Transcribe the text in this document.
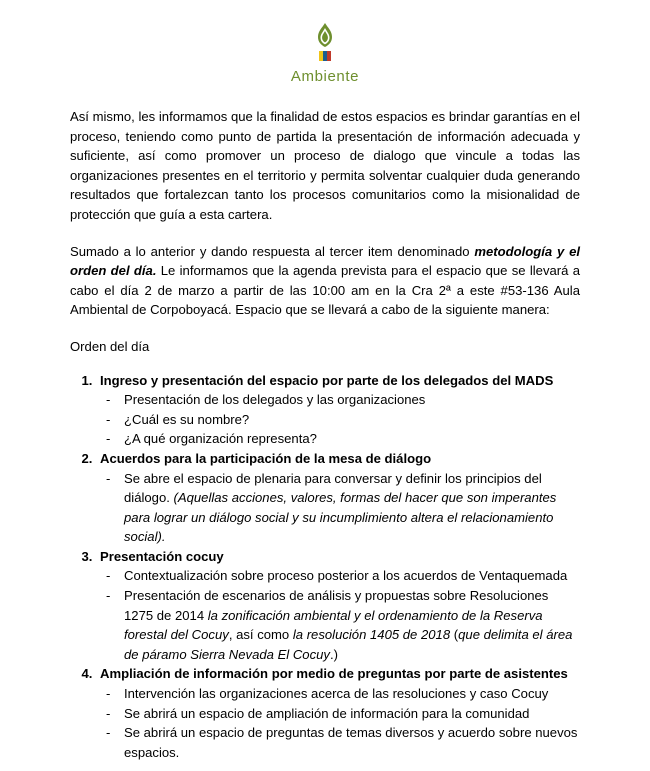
Ambiente

Así mismo, les informamos que la finalidad de estos espacios es brindar garantías en el proceso, teniendo como punto de partida la presentación de información adecuada y suficiente, así como promover un proceso de dialogo que vincule a todas las organizaciones presentes en el territorio y permita solventar cualquier duda generando resultados que fortalezcan tanto los procesos comunitarios como la misionalidad de protección que guía a esta cartera.

Sumado a lo anterior y dando respuesta al tercer item denominado metodología y el orden del día. Le informamos que la agenda prevista para el espacio que se llevará a cabo el día 2 de marzo a partir de las 10:00 am en la Cra 2ª a este #53-136 Aula Ambiental de Corpoboyacá. Espacio que se llevará a cabo de la siguiente manera:

Orden del día

1. Ingreso y presentación del espacio por parte de los delegados del MADS
- Presentación de los delegados y las organizaciones
- ¿Cuál es su nombre?
- ¿A qué organización representa?
2. Acuerdos para la participación de la mesa de diálogo
- Se abre el espacio de plenaria para conversar y definir los principios del diálogo. (Aquellas acciones, valores, formas del hacer que son imperantes para lograr un diálogo social y su incumplimiento altera el relacionamiento social).
3. Presentación cocuy
- Contextualización sobre proceso posterior a los acuerdos de Ventaquemada
- Presentación de escenarios de análisis y propuestas sobre Resoluciones 1275 de 2014 la zonificación ambiental y el ordenamiento de la Reserva forestal del Cocuy, así como la resolución 1405 de 2018 (que delimita el área de páramo Sierra Nevada El Cocuy.)
4. Ampliación de información por medio de preguntas por parte de asistentes
- Intervención las organizaciones acerca de las resoluciones y caso Cocuy
- Se abrirá un espacio de ampliación de información para la comunidad
- Se abrirá un espacio de preguntas de temas diversos y acuerdo sobre nuevos espacios.
